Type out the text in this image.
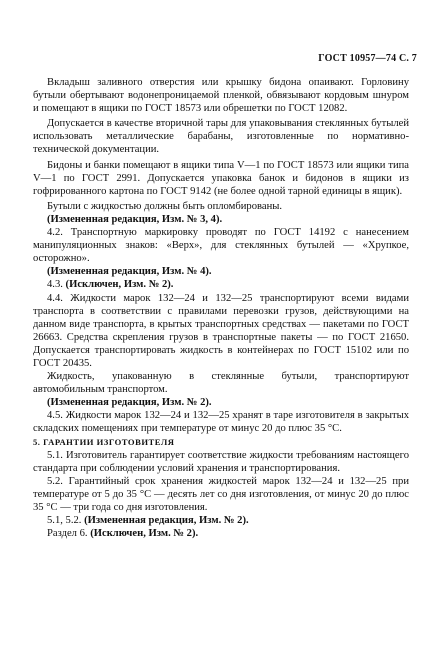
ГОСТ 10957—74 С. 7

Вкладыш заливного отверстия или крышку бидона опаивают. Горловину бутыли обертывают водонепроницаемой пленкой, обвязывают кордовым шнуром и помещают в ящики по ГОСТ 18573 или обрешетки по ГОСТ 12082.

Допускается в качестве вторичной тары для упаковывания стеклянных бутылей использовать металлические барабаны, изготовленные по нормативно-технической документации.

Бидоны и банки помещают в ящики типа V—1 по ГОСТ 18573 или ящики типа V—1 по ГОСТ 2991. Допускается упаковка банок и бидонов в ящики из гофрированного картона по ГОСТ 9142 (не более одной тарной единицы в ящик).

Бутыли с жидкостью должны быть опломбированы.

(Измененная редакция, Изм. № 3, 4).

4.2. Транспортную маркировку проводят по ГОСТ 14192 с нанесением манипуляционных знаков: «Верх», для стеклянных бутылей — «Хрупкое, осторожно».

(Измененная редакция, Изм. № 4).

4.3. (Исключен, Изм. № 2).

4.4. Жидкости марок 132—24 и 132—25 транспортируют всеми видами транспорта в соответствии с правилами перевозки грузов, действующими на данном виде транспорта, в крытых транспортных средствах — пакетами по ГОСТ 26663. Средства скрепления грузов в транспортные пакеты — по ГОСТ 21650. Допускается транспортировать жидкость в контейнерах по ГОСТ 15102 или по ГОСТ 20435.

Жидкость, упакованную в стеклянные бутыли, транспортируют автомобильным транспортом.

(Измененная редакция, Изм. № 2).

4.5. Жидкости марок 132—24 и 132—25 хранят в таре изготовителя в закрытых складских помещениях при температуре от минус 20 до плюс 35 °С.

5. ГАРАНТИИ ИЗГОТОВИТЕЛЯ

5.1. Изготовитель гарантирует соответствие жидкости требованиям настоящего стандарта при соблюдении условий хранения и транспортирования.

5.2. Гарантийный срок хранения жидкостей марок 132—24 и 132—25 при температуре от 5 до 35 °С — десять лет со дня изготовления, от минус 20 до плюс 35 °С — три года со дня изготовления.

5.1, 5.2. (Измененная редакция, Изм. № 2).

Раздел 6. (Исключен, Изм. № 2).
